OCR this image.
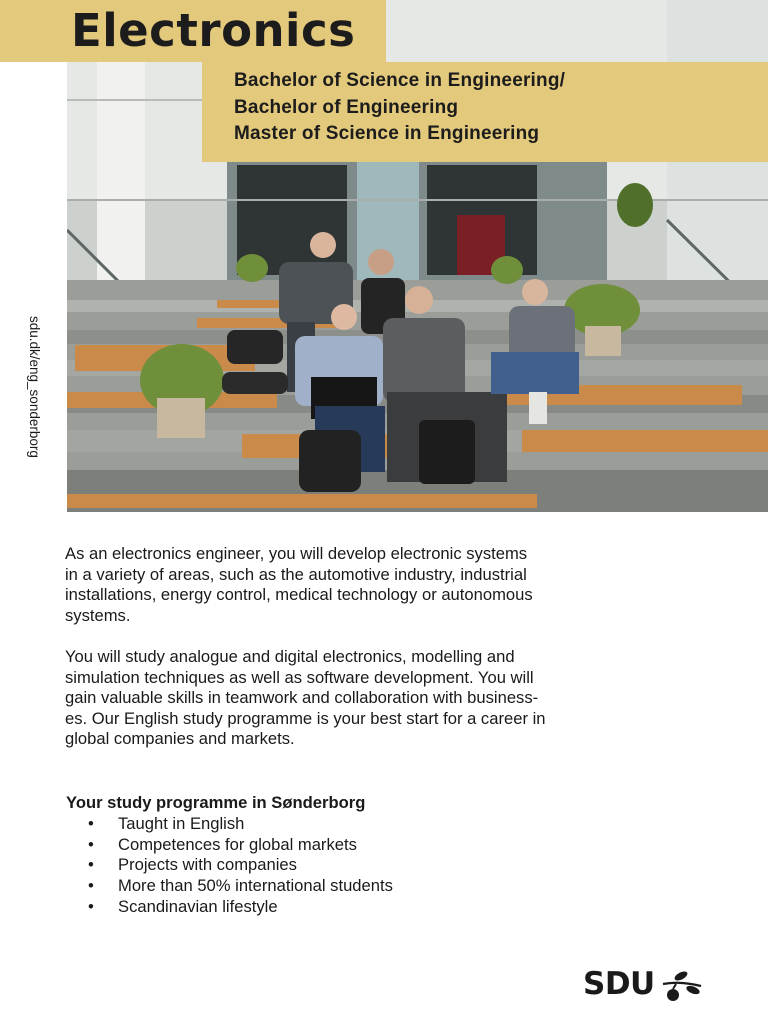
Electronics
Bachelor of Science in Engineering/
Bachelor of Engineering
Master of Science in Engineering
sdu.dk/eng_sonderborg

As an electronics engineer, you will develop electronic systems
in a variety of areas, such as the automotive industry, industrial
installations, energy control, medical technology or autonomous
systems.

You will study analogue and digital electronics, modelling and
simulation techniques as well as software development. You will
gain valuable skills in teamwork and collaboration with business-
es. Our English study programme is your best start for a career in
global companies and markets.

Your study programme in Sønderborg
• Taught in English
• Competences for global markets
• Projects with companies
• More than 50% international students
• Scandinavian lifestyle
SDU
